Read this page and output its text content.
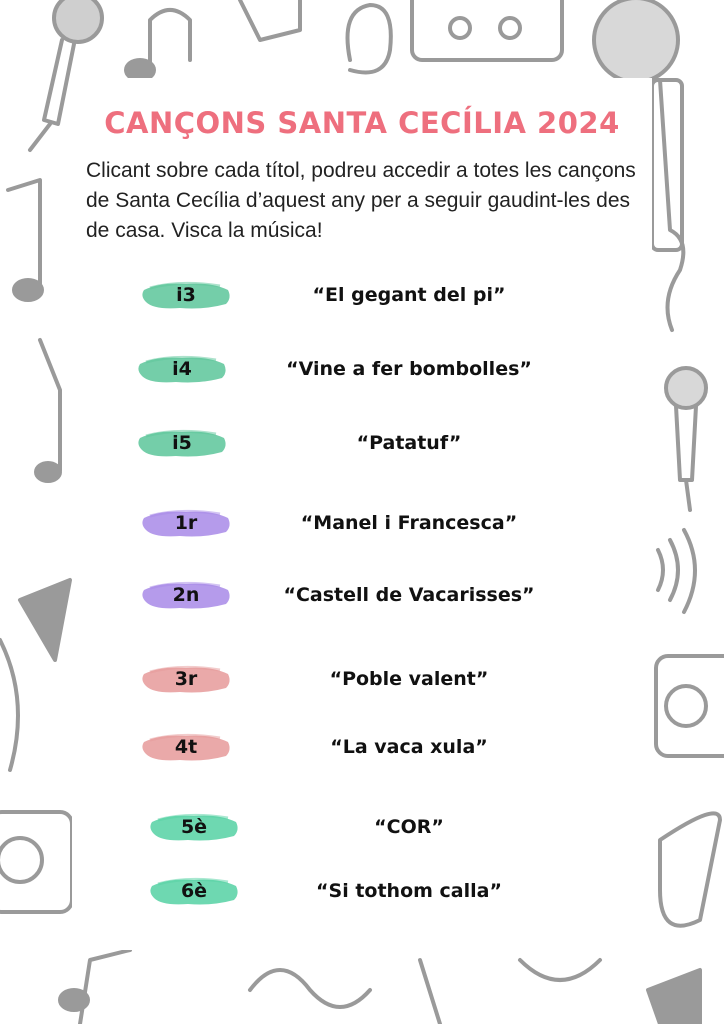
CANÇONS SANTA CECÍLIA 2024
Clicant sobre cada títol, podreu accedir a totes les cançons de Santa Cecília d’aquest any per a seguir gaudint-les des de casa. Visca la música!
i3	“El gegant del pi”
i4	“Vine a fer bombolles”
i5	“Patatuf”
1r	“Manel i Francesca”
2n	“Castell de Vacarisses”
3r	“Poble valent”
4t	“La vaca xula”
5è	“COR”
6è	“Si tothom calla”
